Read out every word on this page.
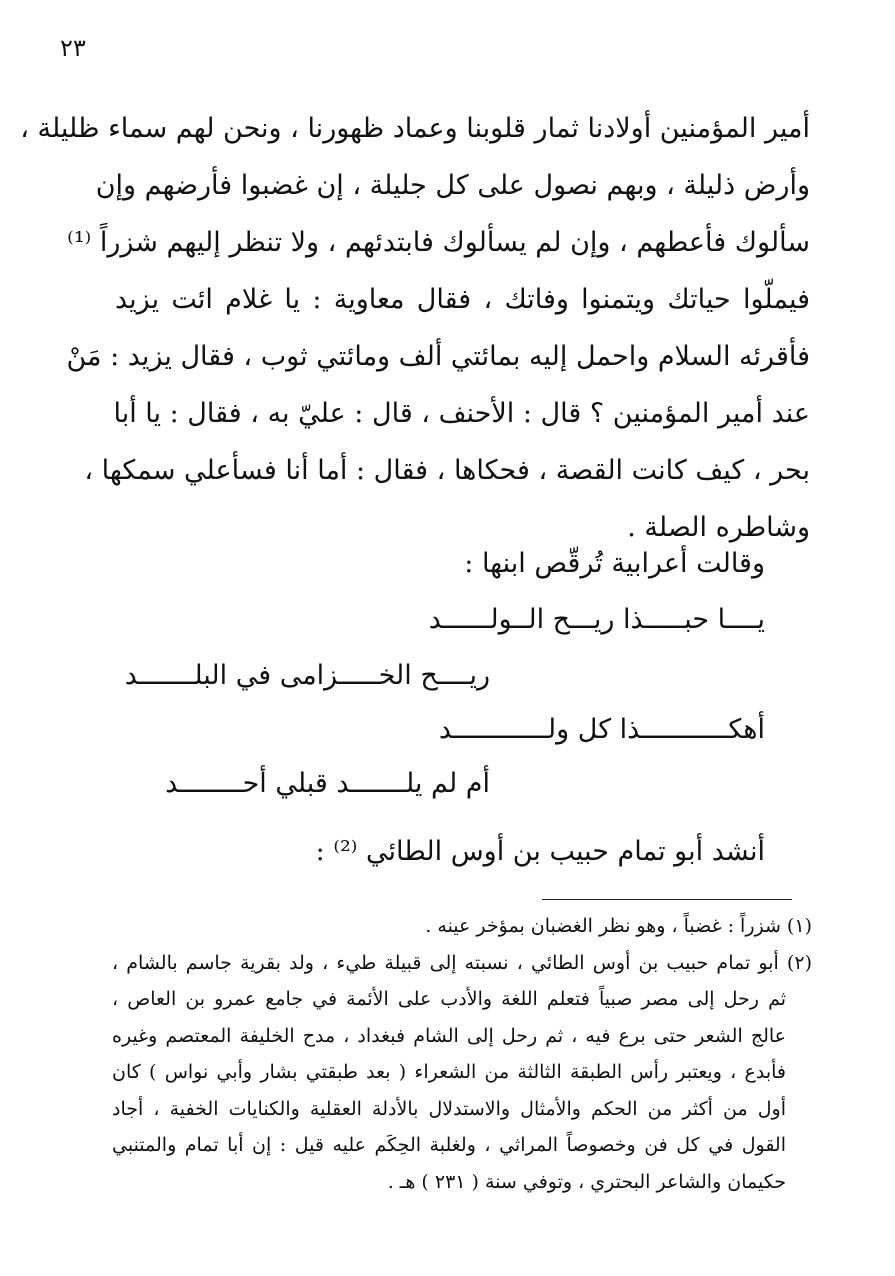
٢٣
أمير المؤمنين أولادنا ثمار قلوبنا وعماد ظهورنا ، ونحن لهم سماء ظليلة ،
وأرض ذليلة ، وبهم نصول على كل جليلة ، إن غضبوا فأرضهم وإن
سألوك فأعطهم ، وإن لم يسألوك فابتدئهم ، ولا تنظر إليهم شزراً ⁽¹⁾
فيملّوا حياتك ويتمنوا وفاتك ، فقال معاوية : يا غلام ائت يزيد
فأقرئه السلام واحمل إليه بمائتي ألف ومائتي ثوب ، فقال يزيد : مَنْ
عند أمير المؤمنين ؟ قال : الأحنف ، قال : عليّ به ، فقال : يا أبا
بحر ، كيف كانت القصة ، فحكاها ، فقال : أما أنا فسأعلي سمكها ،
وشاطره الصلة .
وقالت أعرابية تُرقّص ابنها :
يــــا حبـــــذا ريـــح الــولــــــد
ريــــح الخـــــزامى في البلـــــــد
أهكـــــــــــذا كل ولــــــــــــد
أم لم يلـــــــد قبلي أحــــــــد
أنشد أبو تمام حبيب بن أوس الطائي ⁽²⁾ :
(١) شزراً : غضباً ، وهو نظر الغضبان بمؤخر عينه .
(٢) أبو تمام حبيب بن أوس الطائي ، نسبته إلى قبيلة طيء ، ولد بقرية جاسم بالشام ،
ثم رحل إلى مصر صبياً فتعلم اللغة والأدب على الأئمة في جامع عمرو بن العاص ،
عالج الشعر حتى برع فيه ، ثم رحل إلى الشام فبغداد ، مدح الخليفة المعتصم وغيره
فأبدع ، ويعتبر رأس الطبقة الثالثة من الشعراء ( بعد طبقتي بشار وأبي نواس ) كان
أول من أكثر من الحكم والأمثال والاستدلال بالأدلة العقلية والكنايات الخفية ، أجاد
القول في كل فن وخصوصاً المراثي ، ولغلبة الحِكَم عليه قيل : إن أبا تمام والمتنبي
حكيمان والشاعر البحتري ، وتوفي سنة ( ٢٣١ ) هـ .
